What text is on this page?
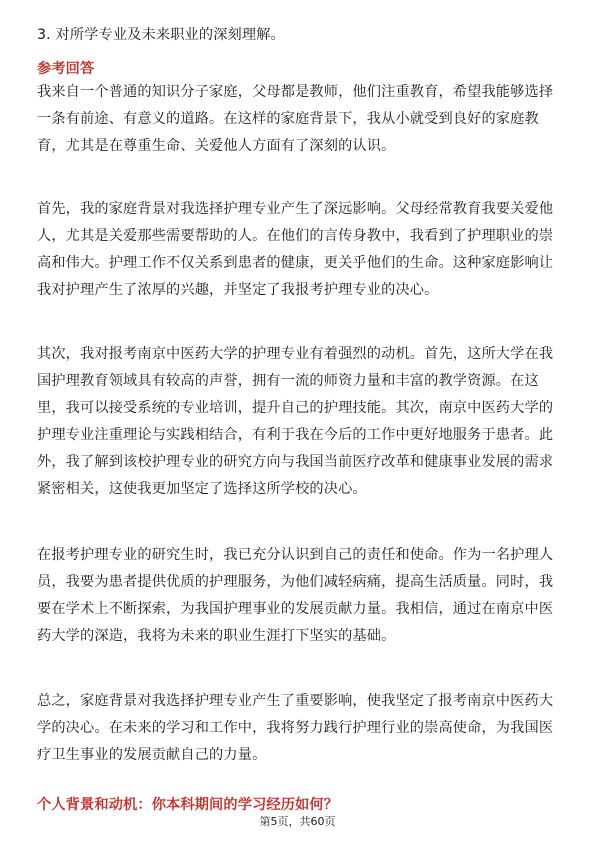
3. 对所学专业及未来职业的深刻理解。
参考回答
我来自一个普通的知识分子家庭，父母都是教师，他们注重教育，希望我能够选择
一条有前途、有意义的道路。在这样的家庭背景下，我从小就受到良好的家庭教
育，尤其是在尊重生命、关爱他人方面有了深刻的认识。
首先，我的家庭背景对我选择护理专业产生了深远影响。父母经常教育我要关爱他
人，尤其是关爱那些需要帮助的人。在他们的言传身教中，我看到了护理职业的崇
高和伟大。护理工作不仅关系到患者的健康，更关乎他们的生命。这种家庭影响让
我对护理产生了浓厚的兴趣，并坚定了我报考护理专业的决心。
其次，我对报考南京中医药大学的护理专业有着强烈的动机。首先，这所大学在我
国护理教育领域具有较高的声誉，拥有一流的师资力量和丰富的教学资源。在这
里，我可以接受系统的专业培训，提升自己的护理技能。其次，南京中医药大学的
护理专业注重理论与实践相结合，有利于我在今后的工作中更好地服务于患者。此
外，我了解到该校护理专业的研究方向与我国当前医疗改革和健康事业发展的需求
紧密相关，这使我更加坚定了选择这所学校的决心。
在报考护理专业的研究生时，我已充分认识到自己的责任和使命。作为一名护理人
员，我要为患者提供优质的护理服务，为他们减轻病痛，提高生活质量。同时，我
要在学术上不断探索，为我国护理事业的发展贡献力量。我相信，通过在南京中医
药大学的深造，我将为未来的职业生涯打下坚实的基础。
总之，家庭背景对我选择护理专业产生了重要影响，使我坚定了报考南京中医药大
学的决心。在未来的学习和工作中，我将努力践行护理行业的崇高使命，为我国医
疗卫生事业的发展贡献自己的力量。
个人背景和动机：你本科期间的学习经历如何？
第5页，共60页
